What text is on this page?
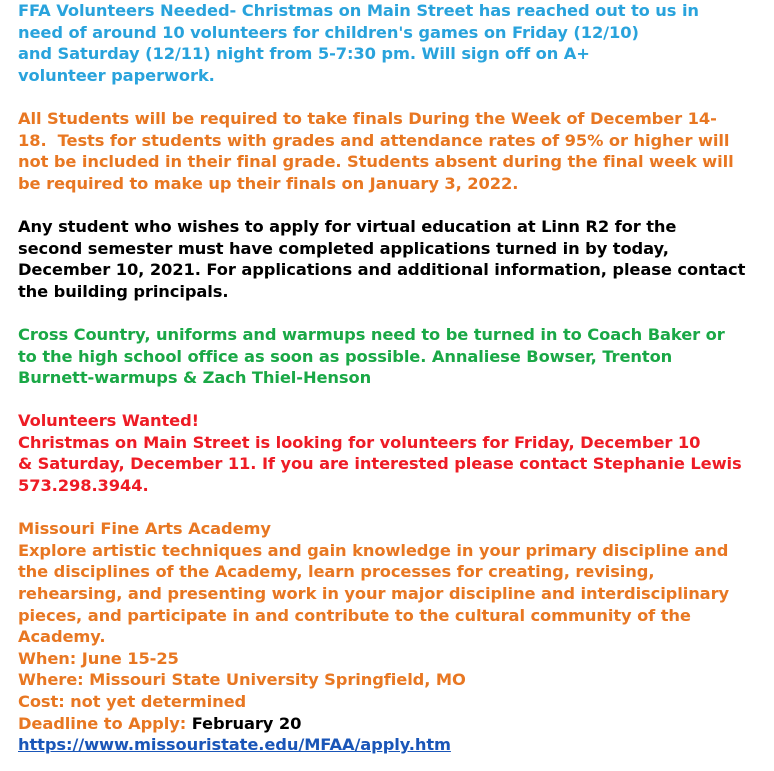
FFA Volunteers Needed- Christmas on Main Street has reached out to us in
need of around 10 volunteers for children's games on Friday (12/10)
and Saturday (12/11) night from 5-7:30 pm. Will sign off on A+
volunteer paperwork.
All Students will be required to take finals During the Week of December 14-
18.  Tests for students with grades and attendance rates of 95% or higher will
not be included in their final grade. Students absent during the final week will
be required to make up their finals on January 3, 2022.
Any student who wishes to apply for virtual education at Linn R2 for the
second semester must have completed applications turned in by today,
December 10, 2021. For applications and additional information, please contact
the building principals.
Cross Country, uniforms and warmups need to be turned in to Coach Baker or
to the high school office as soon as possible. Annaliese Bowser, Trenton
Burnett-warmups & Zach Thiel-Henson
Volunteers Wanted!
Christmas on Main Street is looking for volunteers for Friday, December 10
& Saturday, December 11. If you are interested please contact Stephanie Lewis
573.298.3944.
Missouri Fine Arts Academy
Explore artistic techniques and gain knowledge in your primary discipline and
the disciplines of the Academy, learn processes for creating, revising,
rehearsing, and presenting work in your major discipline and interdisciplinary
pieces, and participate in and contribute to the cultural community of the
Academy.
When: June 15-25
Where: Missouri State University Springfield, MO
Cost: not yet determined
Deadline to Apply: February 20
https://www.missouristate.edu/MFAA/apply.htm
